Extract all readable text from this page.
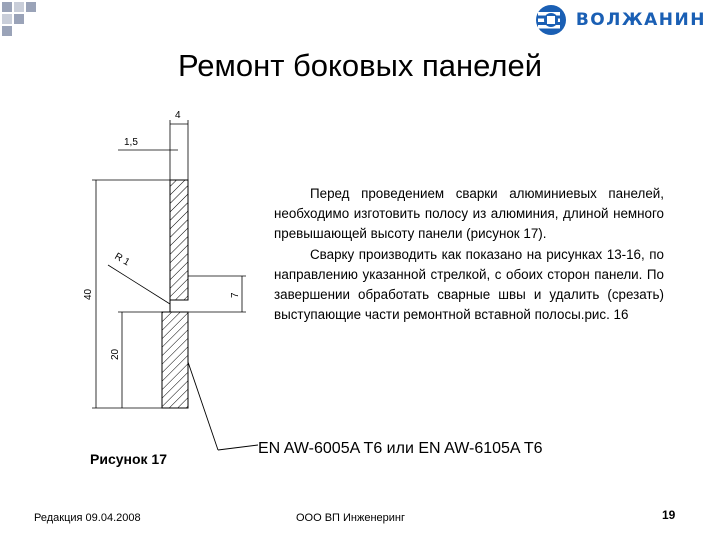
ВОЛЖАНИН
Ремонт боковых панелей
4
1,5
40
20
7
R 1

Перед проведением сварки алюминиевых панелей, необходимо изготовить полосу из алюминия, длиной немного превышающей высоту панели (рисунок 17).

Сварку производить как показано на рисунках 13-16, по направлению указанной стрелкой, с обоих сторон панели. По завершении обработать сварные швы и удалить (срезать) выступающие части ремонтной вставной полосы.рис. 16

EN AW-6005A T6 или EN AW-6105A T6
Рисунок 17
Редакция 09.04.2008	ООО ВП Инженеринг	19
